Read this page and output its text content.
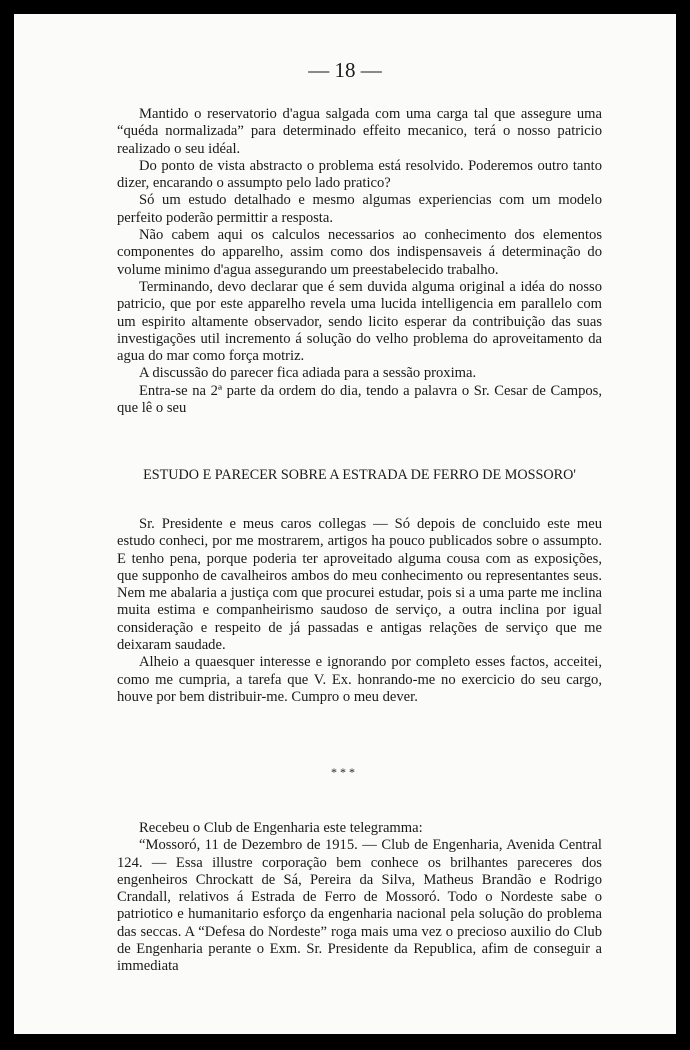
— 18 —

Mantido o reservatorio d'agua salgada com uma carga tal que assegure uma “quéda normalizada” para determinado effeito mecanico, terá o nosso patricio realizado o seu idéal.

Do ponto de vista abstracto o problema está resolvido. Poderemos outro tanto dizer, encarando o assumpto pelo lado pratico?

Só um estudo detalhado e mesmo algumas experiencias com um modelo perfeito poderão permittir a resposta.

Não cabem aqui os calculos necessarios ao conhecimento dos elementos componentes do apparelho, assim como dos indispensaveis á determinação do volume minimo d'agua assegurando um preestabelecido trabalho.

Terminando, devo declarar que é sem duvida alguma original a idéa do nosso patricio, que por este apparelho revela uma lucida intelligencia em parallelo com um espirito altamente observador, sendo licito esperar da contribuição das suas investigações util incremento á solução do velho problema do aproveitamento da agua do mar como força motriz.

A discussão do parecer fica adiada para a sessão proxima.

Entra-se na 2ª parte da ordem do dia, tendo a palavra o Sr. Cesar de Campos, que lê o seu

ESTUDO E PARECER SOBRE A ESTRADA DE FERRO DE MOSSORO'

Sr. Presidente e meus caros collegas — Só depois de concluido este meu estudo conheci, por me mostrarem, artigos ha pouco publicados sobre o assumpto. E tenho pena, porque poderia ter aproveitado alguma cousa com as exposições, que supponho de cavalheiros ambos do meu conhecimento ou representantes seus. Nem me abalaria a justiça com que procurei estudar, pois si a uma parte me inclina muita estima e companheirismo saudoso de serviço, a outra inclina por igual consideração e respeito de já passadas e antigas relações de serviço que me deixaram saudade.

Alheio a quaesquer interesse e ignorando por completo esses factos, acceitei, como me cumpria, a tarefa que V. Ex. honrando-me no exercicio do seu cargo, houve por bem distribuir-me. Cumpro o meu dever.

* * *

Recebeu o Club de Engenharia este telegramma:

“Mossoró, 11 de Dezembro de 1915. — Club de Engenharia, Avenida Central 124. — Essa illustre corporação bem conhece os brilhantes pareceres dos engenheiros Chrockatt de Sá, Pereira da Silva, Matheus Brandão e Rodrigo Crandall, relativos á Estrada de Ferro de Mossoró. Todo o Nordeste sabe o patriotico e humanitario esforço da engenharia nacional pela solução do problema das seccas. A “Defesa do Nordeste” roga mais uma vez o precioso auxilio do Club de Engenharia perante o Exm. Sr. Presidente da Republica, afim de conseguir a immediata
